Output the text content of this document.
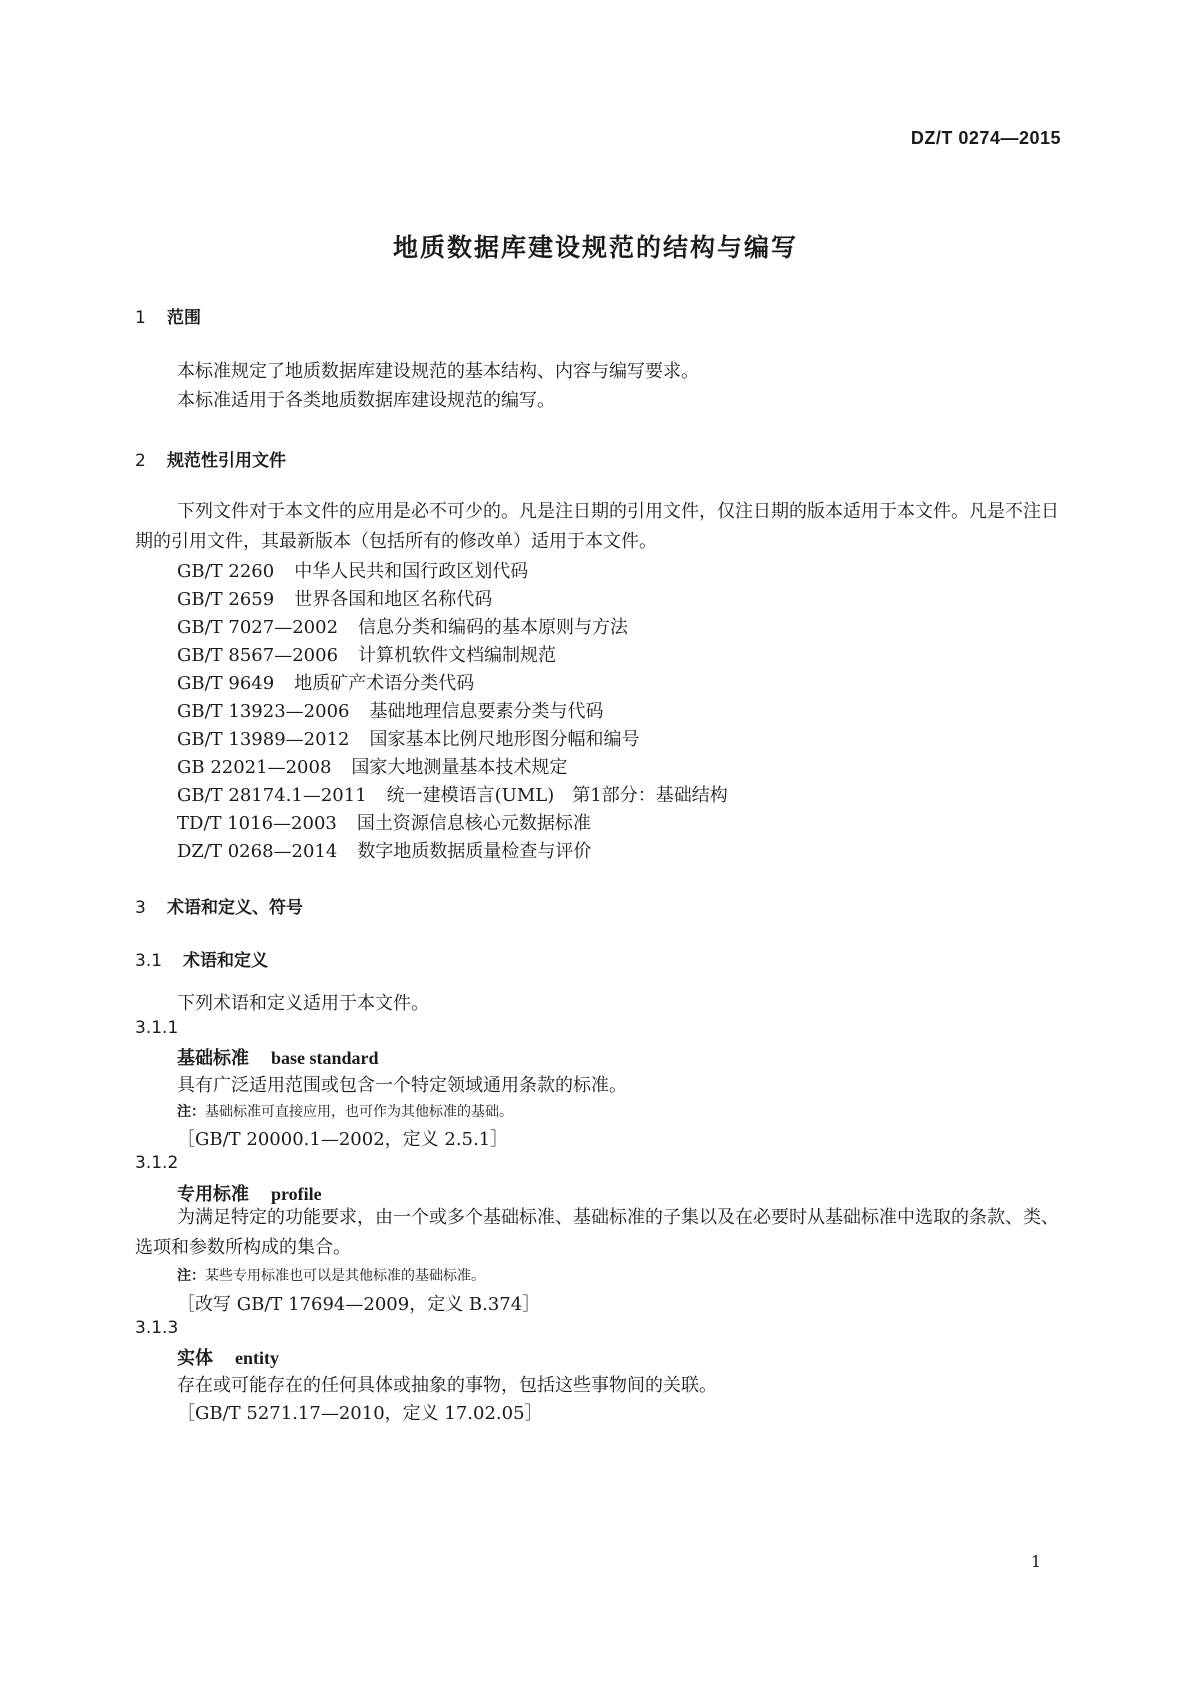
DZ/T 0274—2015
地质数据库建设规范的结构与编写
1 范围
本标准规定了地质数据库建设规范的基本结构、内容与编写要求。
本标准适用于各类地质数据库建设规范的编写。
2 规范性引用文件
下列文件对于本文件的应用是必不可少的。凡是注日期的引用文件，仅注日期的版本适用于本文件。凡是不注日期的引用文件，其最新版本（包括所有的修改单）适用于本文件。
GB/T 2260 中华人民共和国行政区划代码
GB/T 2659 世界各国和地区名称代码
GB/T 7027—2002 信息分类和编码的基本原则与方法
GB/T 8567—2006 计算机软件文档编制规范
GB/T 9649 地质矿产术语分类代码
GB/T 13923—2006 基础地理信息要素分类与代码
GB/T 13989—2012 国家基本比例尺地形图分幅和编号
GB 22021—2008 国家大地测量基本技术规定
GB/T 28174.1—2011 统一建模语言(UML)　第1部分：基础结构
TD/T 1016—2003 国土资源信息核心元数据标准
DZ/T 0268—2014 数字地质数据质量检查与评价
3 术语和定义、符号
3.1 术语和定义
下列术语和定义适用于本文件。
3.1.1
基础标准 base standard
具有广泛适用范围或包含一个特定领域通用条款的标准。
注：基础标准可直接应用，也可作为其他标准的基础。
［GB/T 20000.1—2002，定义 2.5.1］
3.1.2
专用标准 profile
为满足特定的功能要求，由一个或多个基础标准、基础标准的子集以及在必要时从基础标准中选取的条款、类、选项和参数所构成的集合。
注：某些专用标准也可以是其他标准的基础标准。
［改写 GB/T 17694—2009，定义 B.374］
3.1.3
实体 entity
存在或可能存在的任何具体或抽象的事物，包括这些事物间的关联。
［GB/T 5271.17—2010，定义 17.02.05］
1
